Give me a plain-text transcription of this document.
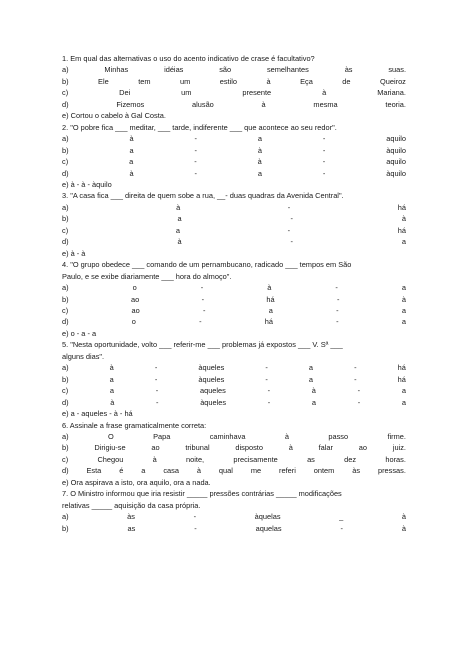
1. Em qual das alternativas o uso do acento indicativo de crase é facultativo?
a)	Minhas	idéias	são	semelhantes	às	suas.
b)	Ele	tem	um	estilo	à	Eça	de	Queiroz
c)	Dei	um	presente	à	Mariana.
d)	Fizemos	alusão	à	mesma	teoria.
e) Cortou o cabelo à Gal Costa.
2. "O pobre fica ___ meditar, ___ tarde, indiferente ___ que acontece ao seu redor".
a)	à	-	a	-	aquilo
b)	a	-	à	-	àquilo
c)	a	-	à	-	aquilo
d)	à	-	a	-	àquilo
e) à - à - àquilo
3. "A casa fica ___ direita de quem sobe a rua, __- duas quadras da Avenida Central".
a)	à	-	há
b)	a	-	à
c)	a	-	há
d)	à	-	a
e) à - à
4. "O grupo obedece ___ comando de um pernambucano, radicado ___ tempos em São
Paulo, e se exibe diariamente ___ hora do almoço".
a)	o	-	à	-	a
b)	ao	-	há	-	à
c)	ao	-	a	-	a
d)	o	-	há	-	a
e) o - a - a
5. "Nesta oportunidade, volto ___ referir-me ___ problemas já expostos ___ V. Sª ___
alguns dias".
a)	à	-	àqueles	-	a	-	há
b)	a	-	àqueles	-	a	-	há
c)	a	-	aqueles	-	à	-	a
d)	à	-	àqueles	-	a	-	a
e) a - aqueles - à - há
6. Assinale a frase gramaticalmente correta:
a)	O	Papa	caminhava	à	passo	firme.
b)	Dirigiu-se	ao	tribunal	disposto	à	falar	ao	juiz.
c)	Chegou	à	noite,	precisamente	as	dez	horas.
d) Esta é a casa à qual me referi ontem às pressas.
e) Ora aspirava a isto, ora aquilo, ora a nada.
7. O Ministro informou que iria resistir _____ pressões contrárias _____ modificações
relativas _____ aquisição da casa própria.
a)	às	-	àquelas	_	à
b)	as	-	aquelas	-	à
